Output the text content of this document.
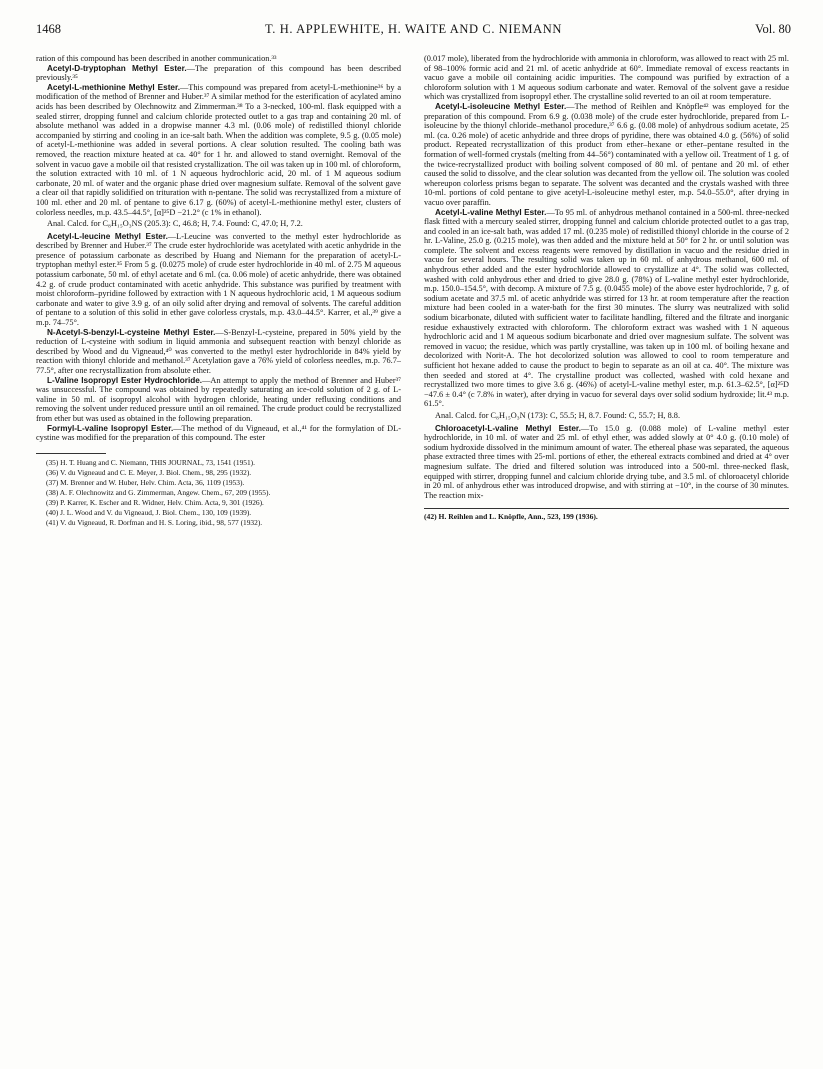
1468	T. H. APPLEWHITE, H. WAITE AND C. NIEMANN	Vol. 80

ration of this compound has been described in another communication.³³

Acetyl-D-tryptophan Methyl Ester.—The preparation of this compound has been described previously.³⁵

Acetyl-L-methionine Methyl Ester.—This compound was prepared from acetyl-L-methionine³⁶ by a modification of the method of Brenner and Huber.³⁷ A similar method for the esterification of acylated amino acids has been described by Olechnowitz and Zimmerman.³⁸ To a 3-necked, 100-ml. flask equipped with a sealed stirrer, dropping funnel and calcium chloride protected outlet to a gas trap and containing 20 ml. of absolute methanol was added in a dropwise manner 4.3 ml. (0.06 mole) of redistilled thionyl chloride accompanied by stirring and cooling in an ice-salt bath. When the addition was complete, 9.5 g. (0.05 mole) of acetyl-L-methionine was added in several portions. A clear solution resulted. The cooling bath was removed, the reaction mixture heated at ca. 40° for 1 hr. and allowed to stand overnight. Removal of the solvent in vacuo gave a mobile oil that resisted crystallization. The oil was taken up in 100 ml. of chloroform, the solution extracted with 10 ml. of 1 N aqueous hydrochloric acid, 20 ml. of 1 M aqueous sodium carbonate, 20 ml. of water and the organic phase dried over magnesium sulfate. Removal of the solvent gave a clear oil that rapidly solidified on trituration with n-pentane. The solid was recrystallized from a mixture of 100 ml. ether and 20 ml. of pentane to give 6.17 g. (60%) of acetyl-L-methionine methyl ester, clusters of colorless needles, m.p. 43.5–44.5°, [α]²⁵D −21.2° (c 1% in ethanol).

Anal. Calcd. for C₈H₁₅O₃NS (205.3): C, 46.8; H, 7.4. Found: C, 47.0; H, 7.2.

Acetyl-L-leucine Methyl Ester.—L-Leucine was converted to the methyl ester hydrochloride as described by Brenner and Huber.³⁷ The crude ester hydrochloride was acetylated with acetic anhydride in the presence of potassium carbonate as described by Huang and Niemann for the preparation of acetyl-L-tryptophan methyl ester.³⁵ From 5 g. (0.0275 mole) of crude ester hydrochloride in 40 ml. of 2.75 M aqueous potassium carbonate, 50 ml. of ethyl acetate and 6 ml. (ca. 0.06 mole) of acetic anhydride, there was obtained 4.2 g. of crude product contaminated with acetic anhydride. This substance was purified by treatment with moist chloroform–pyridine followed by extraction with 1 N aqueous hydrochloric acid, 1 M aqueous sodium carbonate and water to give 3.9 g. of an oily solid after drying and removal of solvents. The careful addition of pentane to a solution of this solid in ether gave colorless crystals, m.p. 43.0–44.5°. Karrer, et al.,³⁹ give a m.p. 74–75°.

N-Acetyl-S-benzyl-L-cysteine Methyl Ester.—S-Benzyl-L-cysteine, prepared in 50% yield by the reduction of L-cysteine with sodium in liquid ammonia and subsequent reaction with benzyl chloride as described by Wood and du Vigneaud,⁴⁰ was converted to the methyl ester hydrochloride in 84% yield by reaction with thionyl chloride and methanol.³⁷ Acetylation gave a 76% yield of colorless needles, m.p. 76.7–77.5°, after one recrystallization from absolute ether.

L-Valine Isopropyl Ester Hydrochloride.—An attempt to apply the method of Brenner and Huber³⁷ was unsuccessful. The compound was obtained by repeatedly saturating an ice-cold solution of 2 g. of L-valine in 50 ml. of isopropyl alcohol with hydrogen chloride, heating under refluxing conditions and removing the solvent under reduced pressure until an oil remained. The crude product could be recrystallized from ether but was used as obtained in the following preparation.

Formyl-L-valine Isopropyl Ester.—The method of du Vigneaud, et al.,⁴¹ for the formylation of DL-cystine was modified for the preparation of this compound. The ester

(35) H. T. Huang and C. Niemann, THIS JOURNAL, 73, 1541 (1951).

(36) V. du Vigneaud and C. E. Meyer, J. Biol. Chem., 98, 295 (1932).

(37) M. Brenner and W. Huber, Helv. Chim. Acta, 36, 1109 (1953).

(38) A. F. Olechnowitz and G. Zimmerman, Angew. Chem., 67, 209 (1955).

(39) P. Karrer, K. Escher and R. Widner, Helv. Chim. Acta, 9, 301 (1926).

(40) J. L. Wood and V. du Vigneaud, J. Biol. Chem., 130, 109 (1939).

(41) V. du Vigneaud, R. Dorfman and H. S. Loring, ibid., 98, 577 (1932).

(0.017 mole), liberated from the hydrochloride with ammonia in chloroform, was allowed to react with 25 ml. of 98–100% formic acid and 21 ml. of acetic anhydride at 60°. Immediate removal of excess reactants in vacuo gave a mobile oil containing acidic impurities. The compound was purified by extraction of a chloroform solution with 1 M aqueous sodium carbonate and water. Removal of the solvent gave a residue which was crystallized from isopropyl ether. The crystalline solid reverted to an oil at room temperature.

Acetyl-L-isoleucine Methyl Ester.—The method of Reihlen and Knöpfle⁴² was employed for the preparation of this compound. From 6.9 g. (0.038 mole) of the crude ester hydrochloride, prepared from L-isoleucine by the thionyl chloride–methanol procedure,³⁷ 6.6 g. (0.08 mole) of anhydrous sodium acetate, 25 ml. (ca. 0.26 mole) of acetic anhydride and three drops of pyridine, there was obtained 4.0 g. (56%) of solid product. Repeated recrystallization of this product from ether–hexane or ether–pentane resulted in the formation of well-formed crystals (melting from 44–56°) contaminated with a yellow oil. Treatment of 1 g. of the twice-recrystallized product with boiling solvent composed of 80 ml. of pentane and 20 ml. of ether caused the solid to dissolve, and the clear solution was decanted from the yellow oil. The solution was cooled whereupon colorless prisms began to separate. The solvent was decanted and the crystals washed with three 10-ml. portions of cold pentane to give acetyl-L-isoleucine methyl ester, m.p. 54.0–55.0°, after drying in vacuo over paraffin.

Acetyl-L-valine Methyl Ester.—To 95 ml. of anhydrous methanol contained in a 500-ml. three-necked flask fitted with a mercury sealed stirrer, dropping funnel and calcium chloride protected outlet to a gas trap, and cooled in an ice-salt bath, was added 17 ml. (0.235 mole) of redistilled thionyl chloride in the course of 2 hr. L-Valine, 25.0 g. (0.215 mole), was then added and the mixture held at 50° for 2 hr. or until solution was complete. The solvent and excess reagents were removed by distillation in vacuo and the residue dried in vacuo for several hours. The resulting solid was taken up in 60 ml. of anhydrous methanol, 600 ml. of anhydrous ether added and the ester hydrochloride allowed to crystallize at 4°. The solid was collected, washed with cold anhydrous ether and dried to give 28.0 g. (78%) of L-valine methyl ester hydrochloride, m.p. 150.0–154.5°, with decomp. A mixture of 7.5 g. (0.0455 mole) of the above ester hydrochloride, 7 g. of sodium acetate and 37.5 ml. of acetic anhydride was stirred for 13 hr. at room temperature after the reaction mixture had been cooled in a water-bath for the first 30 minutes. The slurry was neutralized with solid sodium bicarbonate, diluted with sufficient water to facilitate handling, filtered and the filtrate and inorganic residue exhaustively extracted with chloroform. The chloroform extract was washed with 1 N aqueous hydrochloric acid and 1 M aqueous sodium bicarbonate and dried over magnesium sulfate. The solvent was removed in vacuo; the residue, which was partly crystalline, was taken up in 100 ml. of boiling hexane and decolorized with Norit-A. The hot decolorized solution was allowed to cool to room temperature and sufficient hot hexane added to cause the product to begin to separate as an oil at ca. 40°. The mixture was then seeded and stored at 4°. The crystalline product was collected, washed with cold hexane and recrystallized two more times to give 3.6 g. (46%) of acetyl-L-valine methyl ester, m.p. 61.3–62.5°, [α]²⁵D −47.6 ± 0.4° (c 7.8% in water), after drying in vacuo for several days over solid sodium hydroxide; lit.⁴³ m.p. 61.5°.

Anal. Calcd. for C₈H₁₅O₃N (173): C, 55.5; H, 8.7. Found: C, 55.7; H, 8.8.

Chloroacetyl-L-valine Methyl Ester.—To 15.0 g. (0.088 mole) of L-valine methyl ester hydrochloride, in 10 ml. of water and 25 ml. of ethyl ether, was added slowly at 0° 4.0 g. (0.10 mole) of sodium hydroxide dissolved in the minimum amount of water. The ethereal phase was separated, the aqueous phase extracted three times with 25-ml. portions of ether, the ethereal extracts combined and dried at 4° over magnesium sulfate. The dried and filtered solution was introduced into a 500-ml. three-necked flask, equipped with stirrer, dropping funnel and calcium chloride drying tube, and 3.5 ml. of chloroacetyl chloride in 20 ml. of anhydrous ether was introduced dropwise, and with stirring at −10°, in the course of 30 minutes. The reaction mix-

(42) H. Reihlen and L. Knöpfle, Ann., 523, 199 (1936).
